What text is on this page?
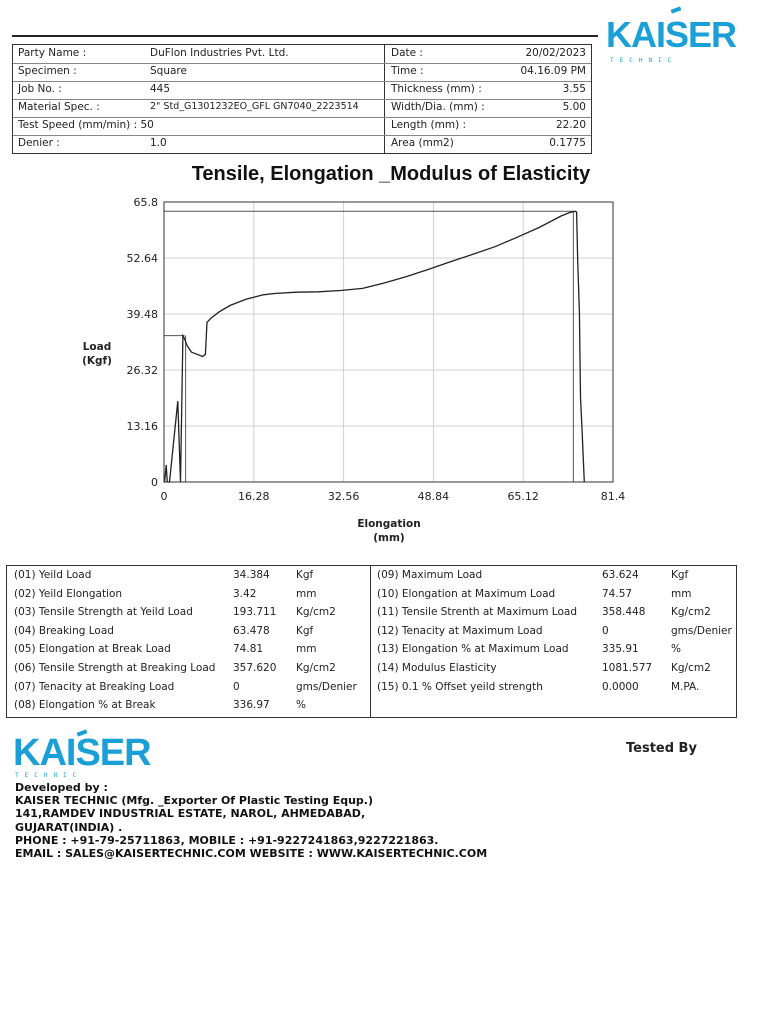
KAISER
TECHNIC
Party Name :	DuFlon Industries Pvt. Ltd.	Date :	20/02/2023
Specimen :	Square	Time :	04.16.09 PM
Job No. :	445	Thickness (mm) :	3.55
Material Spec. :	2" Std_G1301232EO_GFL GN7040_2223514	Width/Dia. (mm) :	5.00
Test Speed (mm/min) : 50	Length (mm) :	22.20
Denier :	1.0	Area (mm2)	0.1775
Tensile, Elongation _Modulus of Elasticity
Load
(Kgf)
Elongation
(mm)
0
13.16
26.32
39.48
52.64
65.8
0	16.28	32.56	48.84	65.12	81.4
(01) Yeild Load	34.384	Kgf
(02) Yeild Elongation	3.42	mm
(03) Tensile Strength at Yeild Load	193.711 Kg/cm2
(04) Breaking Load	63.478	Kgf
(05) Elongation at Break Load	74.81	mm
(06) Tensile Strength at Breaking Load 357.620 Kg/cm2
(07) Tenacity at Breaking Load	0	gms/Denier
(08) Elongation % at Break	336.97	%
(09) Maximum Load	63.624	Kgf
(10) Elongation at Maximum Load	74.57	mm
(11) Tensile Strenth at Maximum Load 358.448 Kg/cm2
(12) Tenacity at Maximum Load	0	gms/Denier
(13) Elongation % at Maximum Load	335.91	%
(14) Modulus Elasticity	1081.577 Kg/cm2
(15) 0.1 % Offset yeild strength	0.0000	M.PA.
KAISER
TECHNIC
Tested By
Developed by :
KAISER TECHNIC (Mfg. _Exporter Of Plastic Testing Equp.)
141,RAMDEV INDUSTRIAL ESTATE, NAROL, AHMEDABAD,
GUJARAT(INDIA) .
PHONE : +91-79-25711863, MOBILE : +91-9227241863,9227221863.
EMAIL : SALES@KAISERTECHNIC.COM WEBSITE : WWW.KAISERTECHNIC.COM
